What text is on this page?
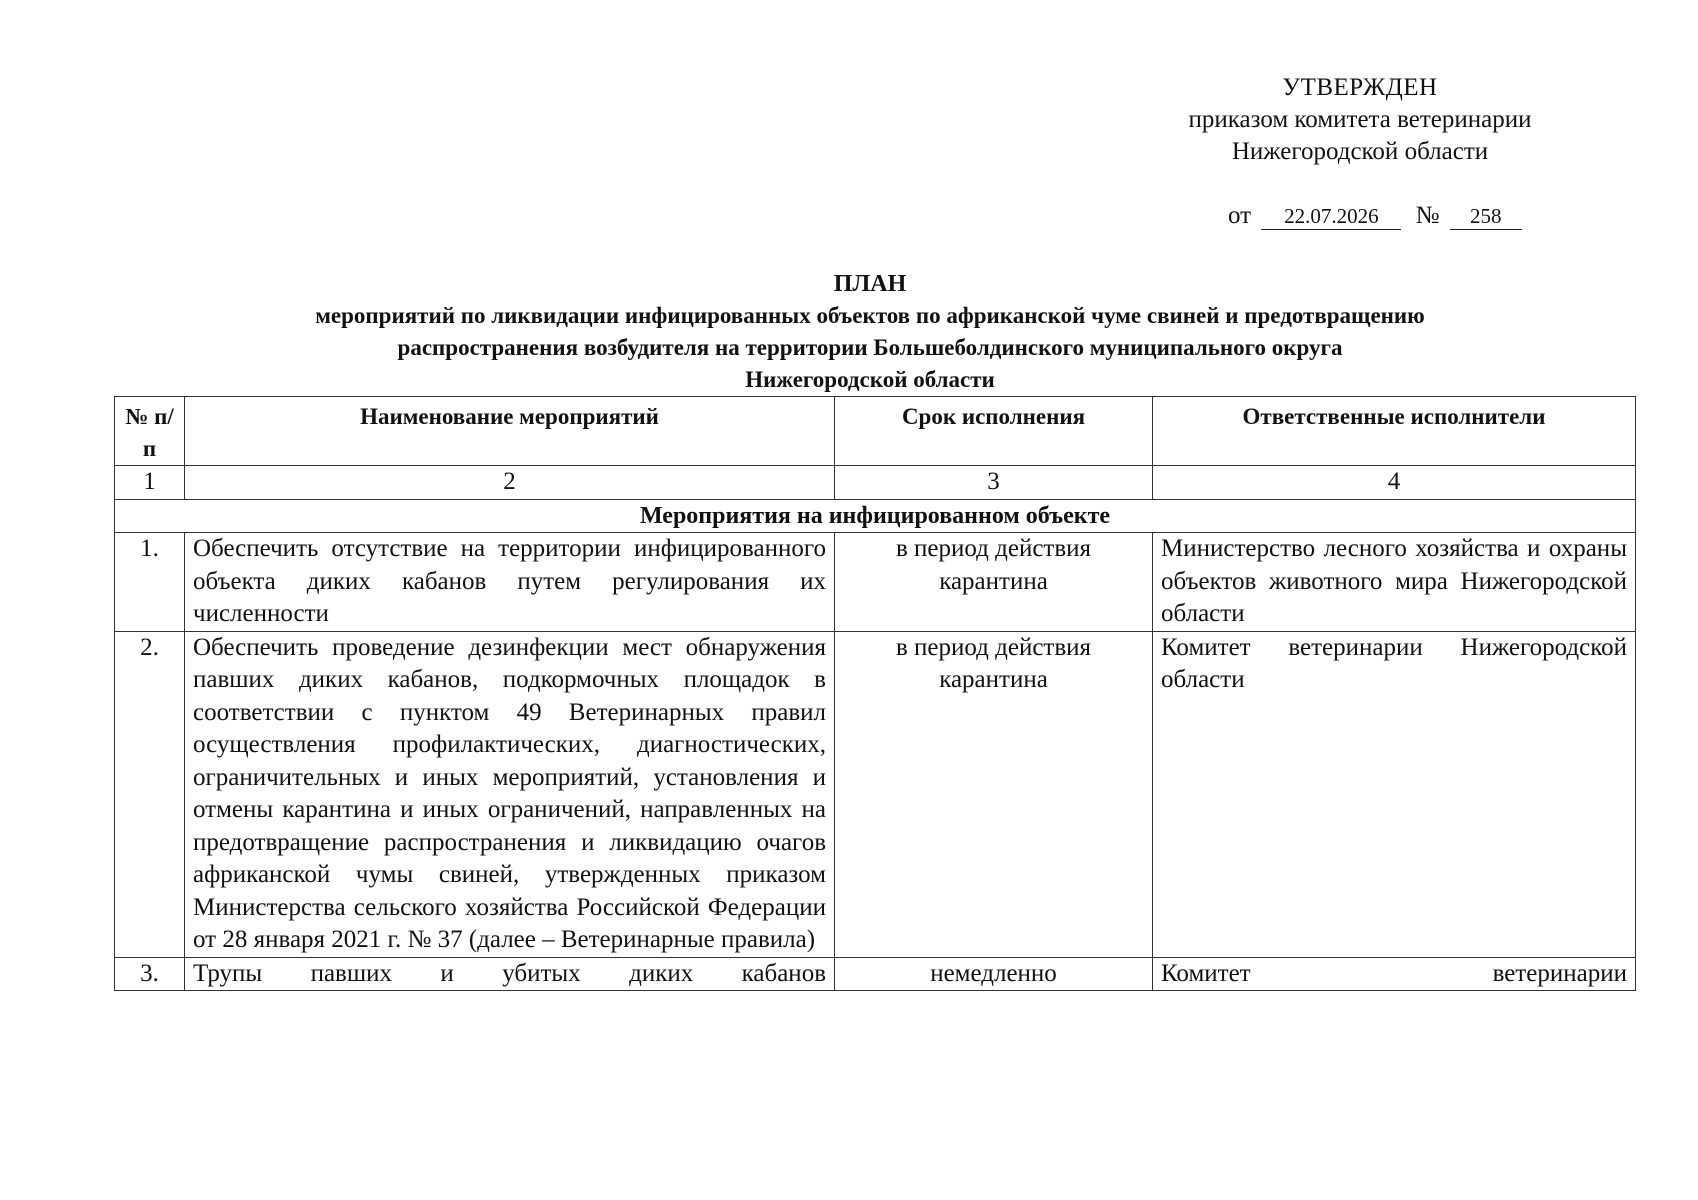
УТВЕРЖДЕН
приказом комитета ветеринарии
Нижегородской области
от 22.07.2026 № 258
ПЛАН
мероприятий по ликвидации инфицированных объектов по африканской чуме свиней и предотвращению
распространения возбудителя на территории Большеболдинского муниципального округа
Нижегородской области
№ п/п	Наименование мероприятий	Срок исполнения	Ответственные исполнители
1	2	3	4
Мероприятия на инфицированном объекте			
1.	Обеспечить отсутствие на территории инфицированного объекта диких кабанов путем регулирования их численности	в период действия карантина	Министерство лесного хозяйства и охраны объектов животного мира Нижегородской области
2.	Обеспечить проведение дезинфекции мест обнаружения павших диких кабанов, подкормочных площадок в соответствии с пунктом 49 Ветеринарных правил осуществления профилактических, диагностических, ограничительных и иных мероприятий, установления и отмены карантина и иных ограничений, направленных на предотвращение распространения и ликвидацию очагов африканской чумы свиней, утвержденных приказом Министерства сельского хозяйства Российской Федерации от 28 января 2021 г. № 37 (далее – Ветеринарные правила)	в период действия карантина	Комитет ветеринарии Нижегородской области
3.	Трупы павших и убитых диких кабанов	немедленно	Комитет ветеринарии
